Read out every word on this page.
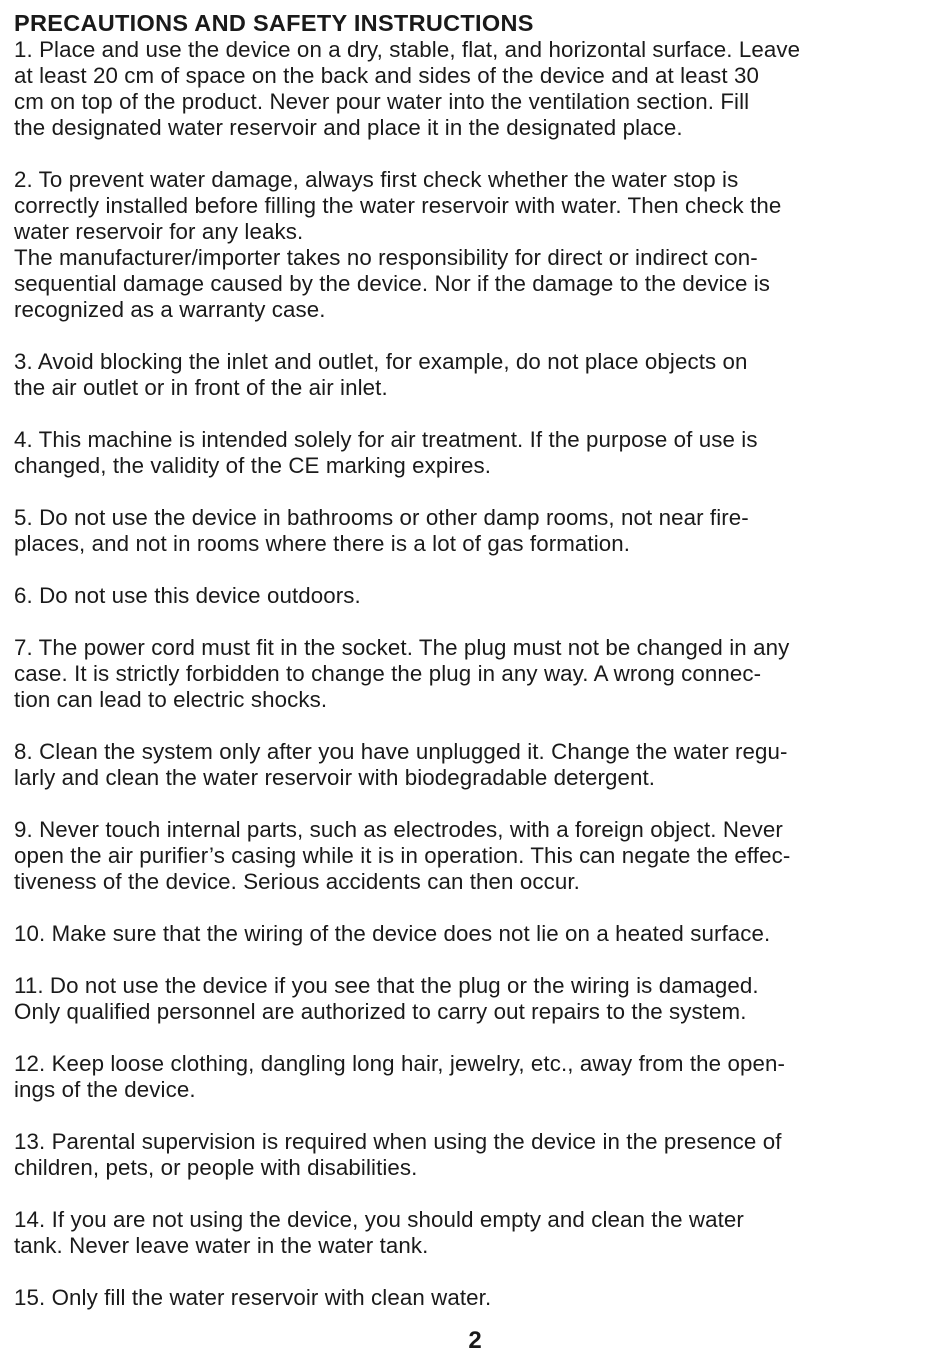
PRECAUTIONS AND SAFETY INSTRUCTIONS

1. Place and use the device on a dry, stable, flat, and horizontal surface. Leave
at least 20 cm of space on the back and sides of the device and at least 30
cm on top of the product. Never pour water into the ventilation section. Fill
the designated water reservoir and place it in the designated place.

2. To prevent water damage, always first check whether the water stop is
correctly installed before filling the water reservoir with water. Then check the
water reservoir for any leaks.
The manufacturer/importer takes no responsibility for direct or indirect con-
sequential damage caused by the device. Nor if the damage to the device is
recognized as a warranty case.

3. Avoid blocking the inlet and outlet, for example, do not place objects on
the air outlet or in front of the air inlet.

4. This machine is intended solely for air treatment. If the purpose of use is
changed, the validity of the CE marking expires.

5. Do not use the device in bathrooms or other damp rooms, not near fire-
places, and not in rooms where there is a lot of gas formation.

6. Do not use this device outdoors.

7. The power cord must fit in the socket. The plug must not be changed in any
case. It is strictly forbidden to change the plug in any way. A wrong connec-
tion can lead to electric shocks.

8. Clean the system only after you have unplugged it. Change the water regu-
larly and clean the water reservoir with biodegradable detergent.

9. Never touch internal parts, such as electrodes, with a foreign object. Never
open the air purifier’s casing while it is in operation. This can negate the effec-
tiveness of the device. Serious accidents can then occur.

10. Make sure that the wiring of the device does not lie on a heated surface.

11. Do not use the device if you see that the plug or the wiring is damaged.
Only qualified personnel are authorized to carry out repairs to the system.

12. Keep loose clothing, dangling long hair, jewelry, etc., away from the open-
ings of the device.

13. Parental supervision is required when using the device in the presence of
children, pets, or people with disabilities.

14. If you are not using the device, you should empty and clean the water
tank. Never leave water in the water tank.

15. Only fill the water reservoir with clean water.

2
